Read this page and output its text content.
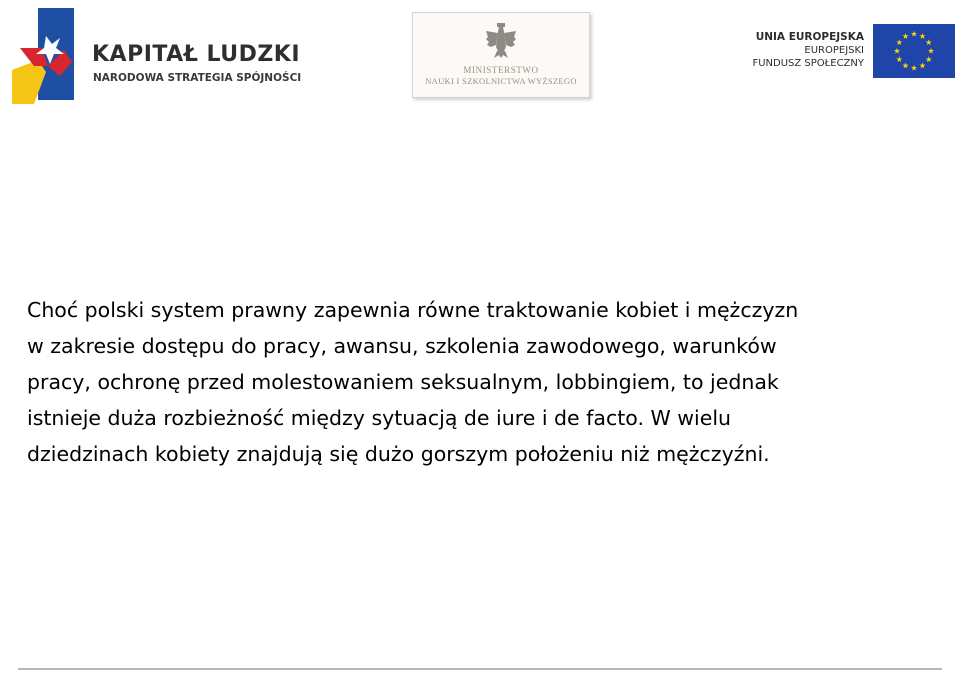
KAPITAŁ LUDZKI
NARODOWA STRATEGIA SPÓJNOŚCI
MINISTERSTWO
NAUKI I SZKOLNICTWA WYŻSZEGO
UNIA EUROPEJSKA
EUROPEJSKI
FUNDUSZ SPOŁECZNY
Choć polski system prawny zapewnia równe traktowanie kobiet i mężczyzn
w zakresie dostępu do pracy, awansu, szkolenia zawodowego, warunków
pracy, ochronę przed molestowaniem seksualnym, lobbingiem, to jednak
istnieje duża rozbieżność między sytuacją de iure i de facto. W wielu
dziedzinach kobiety znajdują się dużo gorszym położeniu niż mężczyźni.
